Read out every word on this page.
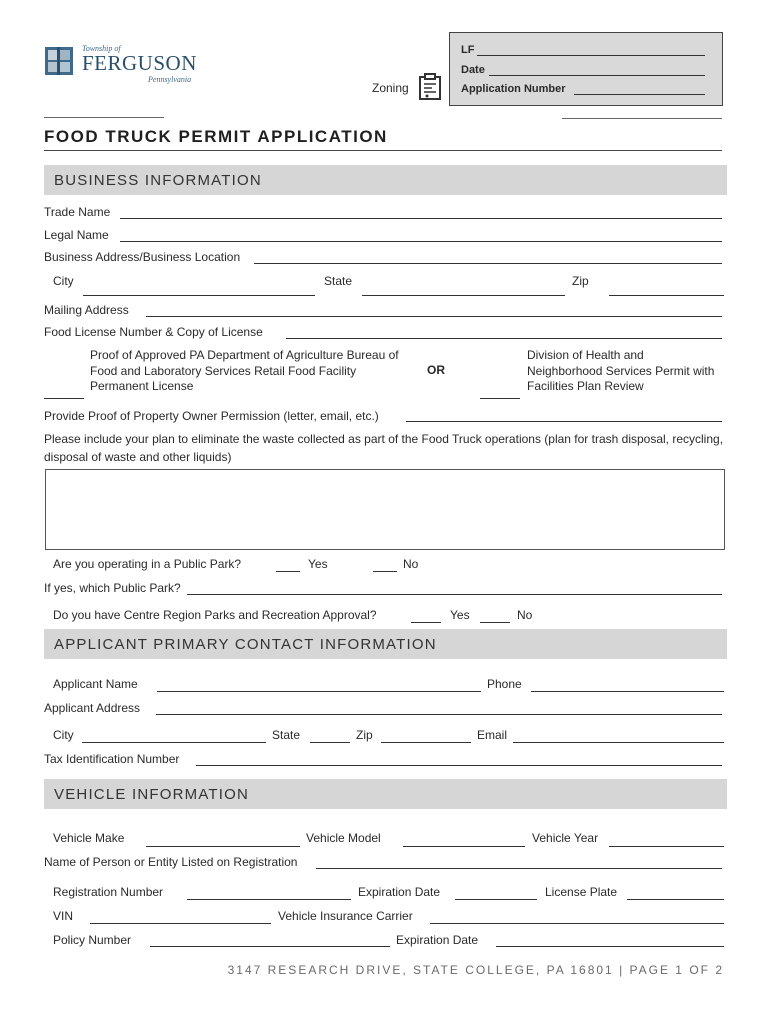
Township of
FERGUSON
Pennsylvania
Zoning
LF
Date
Application Number
FOOD TRUCK PERMIT APPLICATION
BUSINESS INFORMATION
Trade Name
Legal Name
Business Address/Business Location
City	State	Zip
Mailing Address
Food License Number & Copy of License
Proof of Approved PA Department of Agriculture Bureau of Food and Laboratory Services Retail Food Facility Permanent License
OR
Division of Health and Neighborhood Services Permit with Facilities Plan Review
Provide Proof of Property Owner Permission (letter, email, etc.)
Please include your plan to eliminate the waste collected as part of the Food Truck operations (plan for trash disposal, recycling, disposal of waste and other liquids)
Are you operating in a Public Park?	Yes	No
If yes, which Public Park?
Do you have Centre Region Parks and Recreation Approval?	Yes	No
APPLICANT PRIMARY CONTACT INFORMATION
Applicant Name	Phone
Applicant Address
City	State	Zip	Email
Tax Identification Number
VEHICLE INFORMATION
Vehicle Make	Vehicle Model	Vehicle Year
Name of Person or Entity Listed on Registration
Registration Number	Expiration Date	License Plate
VIN	Vehicle Insurance Carrier
Policy Number	Expiration Date
3147 RESEARCH DRIVE, STATE COLLEGE, PA 16801 | PAGE 1 OF 2
